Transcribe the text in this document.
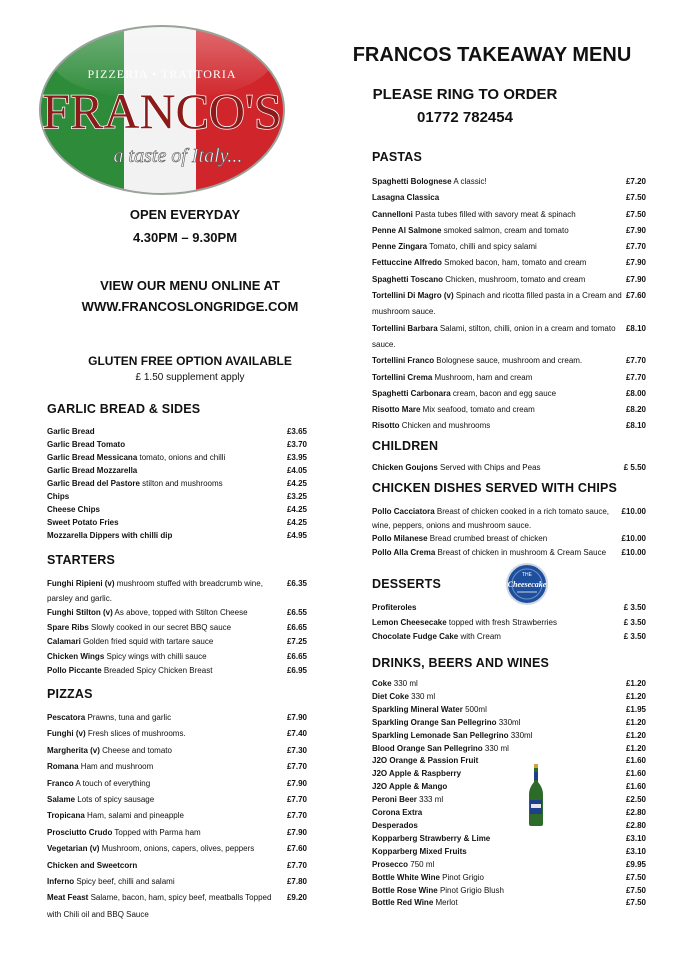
PIZZERIA • TRATTORIA
FRANCO'S
a taste of Italy...
OPEN EVERYDAY
4.30PM – 9.30PM
VIEW OUR MENU ONLINE AT
WWW.FRANCOSLONGRIDGE.COM
GLUTEN FREE OPTION AVAILABLE
£ 1.50 supplement apply
FRANCOS TAKEAWAY MENU
PLEASE RING TO ORDER
01772 782454
GARLIC BREAD & SIDES
Garlic Bread	£3.65
Garlic Bread Tomato	£3.70
Garlic Bread Messicana tomato, onions and chilli	£3.95
Garlic Bread Mozzarella	£4.05
Garlic Bread del Pastore stilton and mushrooms	£4.25
Chips	£3.25
Cheese Chips	£4.25
Sweet Potato Fries	£4.25
Mozzarella Dippers with chilli dip	£4.95
STARTERS
Funghi Ripieni (v) mushroom stuffed with breadcrumb wine, parsley and garlic.
£6.35
Funghi Stilton (v) As above, topped with Stilton Cheese	£6.55
Spare Ribs Slowly cooked in our secret BBQ sauce	£6.65
Calamari Golden fried squid with tartare sauce	£7.25
Chicken Wings Spicy wings with chilli sauce	£6.65
Pollo Piccante Breaded Spicy Chicken Breast	£6.95
PIZZAS
Pescatora Prawns, tuna and garlic	£7.90
Funghi (v) Fresh slices of mushrooms.	£7.40
Margherita (v) Cheese and tomato	£7.30
Romana Ham and mushroom	£7.70
Franco A touch of everything	£7.90
Salame Lots of spicy sausage	£7.70
Tropicana Ham, salami and pineapple	£7.70
Prosciutto Crudo Topped with Parma ham	£7.90
Vegetarian (v) Mushroom, onions, capers, olives, peppers	£7.60
Chicken and Sweetcorn	£7.70
Inferno Spicy beef, chilli and salami	£7.80
Meat Feast Salame, bacon, ham, spicy beef, meatballs Topped with Chili oil and BBQ Sauce
£9.20
PASTAS
Spaghetti Bolognese A classic!	£7.20
Lasagna Classica	£7.50
Cannelloni Pasta tubes filled with savory meat & spinach	£7.50
Penne Al Salmone smoked salmon, cream and tomato	£7.90
Penne Zingara Tomato, chilli and spicy salami	£7.70
Fettuccine Alfredo Smoked bacon, ham, tomato and cream	£7.90
Spaghetti Toscano Chicken, mushroom, tomato and cream	£7.90
Tortellini Di Magro (v) Spinach and ricotta filled pasta in a Cream and mushroom sauce.
£7.60
Tortellini Barbara Salami, stilton, chilli, onion in a cream and tomato sauce.
£8.10
Tortellini Franco Bolognese sauce, mushroom and cream.	£7.70
Tortellini Crema Mushroom, ham and cream	£7.70
Spaghetti Carbonara cream, bacon and egg sauce	£8.00
Risotto Mare Mix seafood, tomato and cream	£8.20
Risotto Chicken and mushrooms	£8.10
CHILDREN
Chicken Goujons Served with Chips and Peas	£ 5.50
CHICKEN DISHES SERVED WITH CHIPS
Pollo Cacciatora Breast of chicken cooked in a rich tomato sauce, wine, peppers, onions and mushroom sauce.
£10.00
Pollo Milanese Bread crumbed breast of chicken	£10.00
Pollo Alla Crema Breast of chicken in mushroom & Cream Sauce	£10.00
DESSERTS
Profiteroles	£ 3.50
Lemon Cheesecake topped with fresh Strawberries	£ 3.50
Chocolate Fudge Cake with Cream	£ 3.50
DRINKS, BEERS AND WINES
Coke 330 ml	£1.20
Diet Coke 330 ml	£1.20
Sparkling Mineral Water 500ml	£1.95
Sparkling Orange San Pellegrino 330ml	£1.20
Sparkling Lemonade San Pellegrino 330ml	£1.20
Blood Orange San Pellegrino 330 ml	£1.20
J2O Orange & Passion Fruit	£1.60
J2O Apple & Raspberry	£1.60
J2O Apple & Mango	£1.60
Peroni Beer 333 ml	£2.50
Corona Extra	£2.80
Desperados	£2.80
Kopparberg Strawberry & Lime	£3.10
Kopparberg Mixed Fruits	£3.10
Prosecco 750 ml	£9.95
Bottle White Wine Pinot Grigio	£7.50
Bottle Rose Wine Pinot Grigio Blush	£7.50
Bottle Red Wine Merlot	£7.50
THE
Cheesecake
